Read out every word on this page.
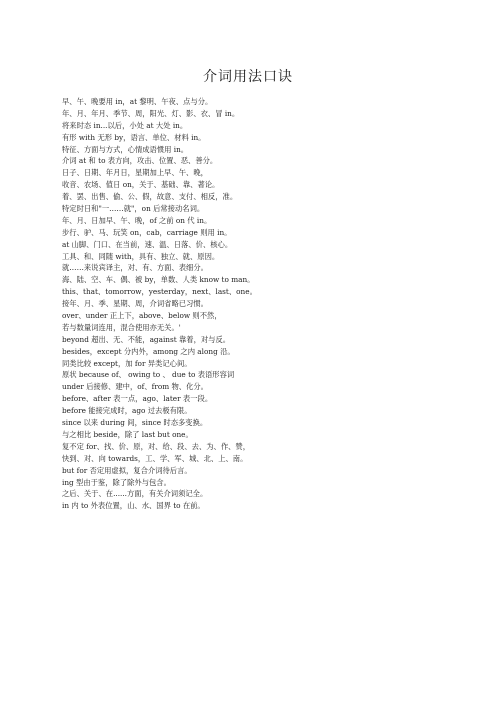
介词用法口诀
早、午、晚要用 in，at 黎明、午夜、点与分。
年、月、年月、季节、周，阳光、灯、影、衣、冒 in。
将来时态 in...以后，小处 at 大处 in。
有形 with 无形 by，语言、单位、材料 in。
特征、方面与方式，心情成语惯用 in。
介词 at 和 to 表方向，攻击、位置、恶、善分。
日子、日期、年月日，星期加上早、午、晚，
收音、农场、值日 on，关于、基础、靠、著论。
着、罢、出售、偷、公、假，故意、支付、相反，准。
特定时日和"一……就"，on 后常接动名词。
年、月、日加早、午、晚，of 之前 on 代 in。
步行、驴、马、玩笑 on，cab，carriage 则用 in。
at 山脚、门口、在当前，速、温、日落、价、核心。
工具、和、同随 with，具有、独立、就、原因。
就……来说宾译主，对、有、方面、表细分。
海、陆、空、车、偶、被 by，单数、人类 know to man。
this、that、tomorrow，yesterday，next、last、one。
接年、月、季、星期、周，介词省略已习惯。
over、under 正上下，above、below 则不然，
若与数量词连用，混合使用亦无关。'
beyond 超出、无、不能，against 靠着，对与反。
besides，except 分内外，among 之内 along 沿。
同类比较 except，加 for 异类记心间。
原状 because of、 owing to 、 due to 表语形容词
under 后接修、建中，of、from 物、化分。
before、after 表一点，ago、later 表一段。
before 能接完成时，ago 过去极有限。
since 以来 during 间，since 时态多变换。
与之相比 beside，除了 last but one。
复不定 for、找、价、原，对、给、段、去、为、作、赞，
快到、对、向 towards，工、学、军、城、北、上、南。
but for 否定用虚拟，复合介词待后言。
ing 型由于鉴，除了除外与包含。
之后、关于、在......方面，有关介词须记全。
in 内 to 外表位置，山、水、国界 to 在前。
